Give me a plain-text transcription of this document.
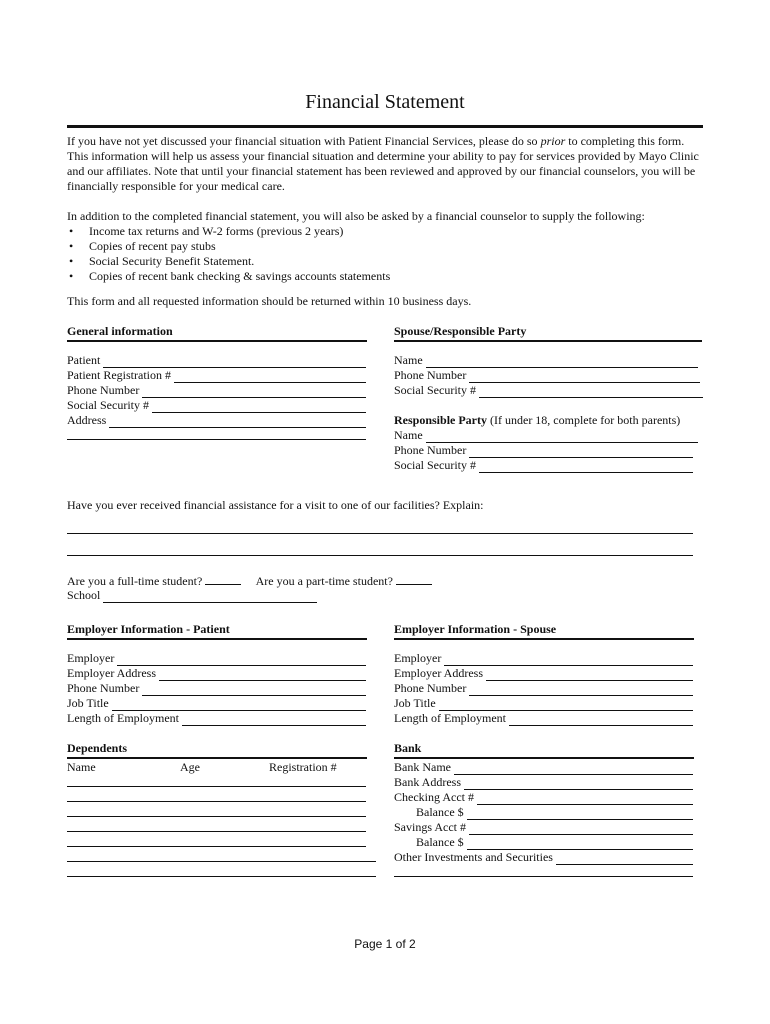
Financial Statement

If you have not yet discussed your financial situation with Patient Financial Services, please do so prior to completing this form. This information will help us assess your financial situation and determine your ability to pay for services provided by Mayo Clinic and our affiliates. Note that until your financial statement has been reviewed and approved by our financial counselors, you will be financially responsible for your medical care.

In addition to the completed financial statement, you will also be asked by a financial counselor to supply the following:

• Income tax returns and W-2 forms (previous 2 years)
• Copies of recent pay stubs
• Social Security Benefit Statement.
• Copies of recent bank checking & savings accounts statements
This form and all requested information should be returned within 10 business days.
General information
Patient
Patient Registration #
Phone Number
Social Security #
Address
Spouse/Responsible Party
Name
Phone Number
Social Security #
Responsible Party (If under 18, complete for both parents)
Name
Phone Number
Social Security #
Have you ever received financial assistance for a visit to one of our facilities? Explain:
Are you a full-time student?	Are you a part-time student?
School
Employer Information - Patient
Employer
Employer Address
Phone Number
Job Title
Length of Employment
Employer Information - Spouse
Employer
Employer Address
Phone Number
Job Title
Length of Employment
Dependents
Name	Age	Registration #
Bank
Bank Name
Bank Address
Checking Acct #
Balance $
Savings Acct #
Balance $
Other Investments and Securities
Page 1 of 2
